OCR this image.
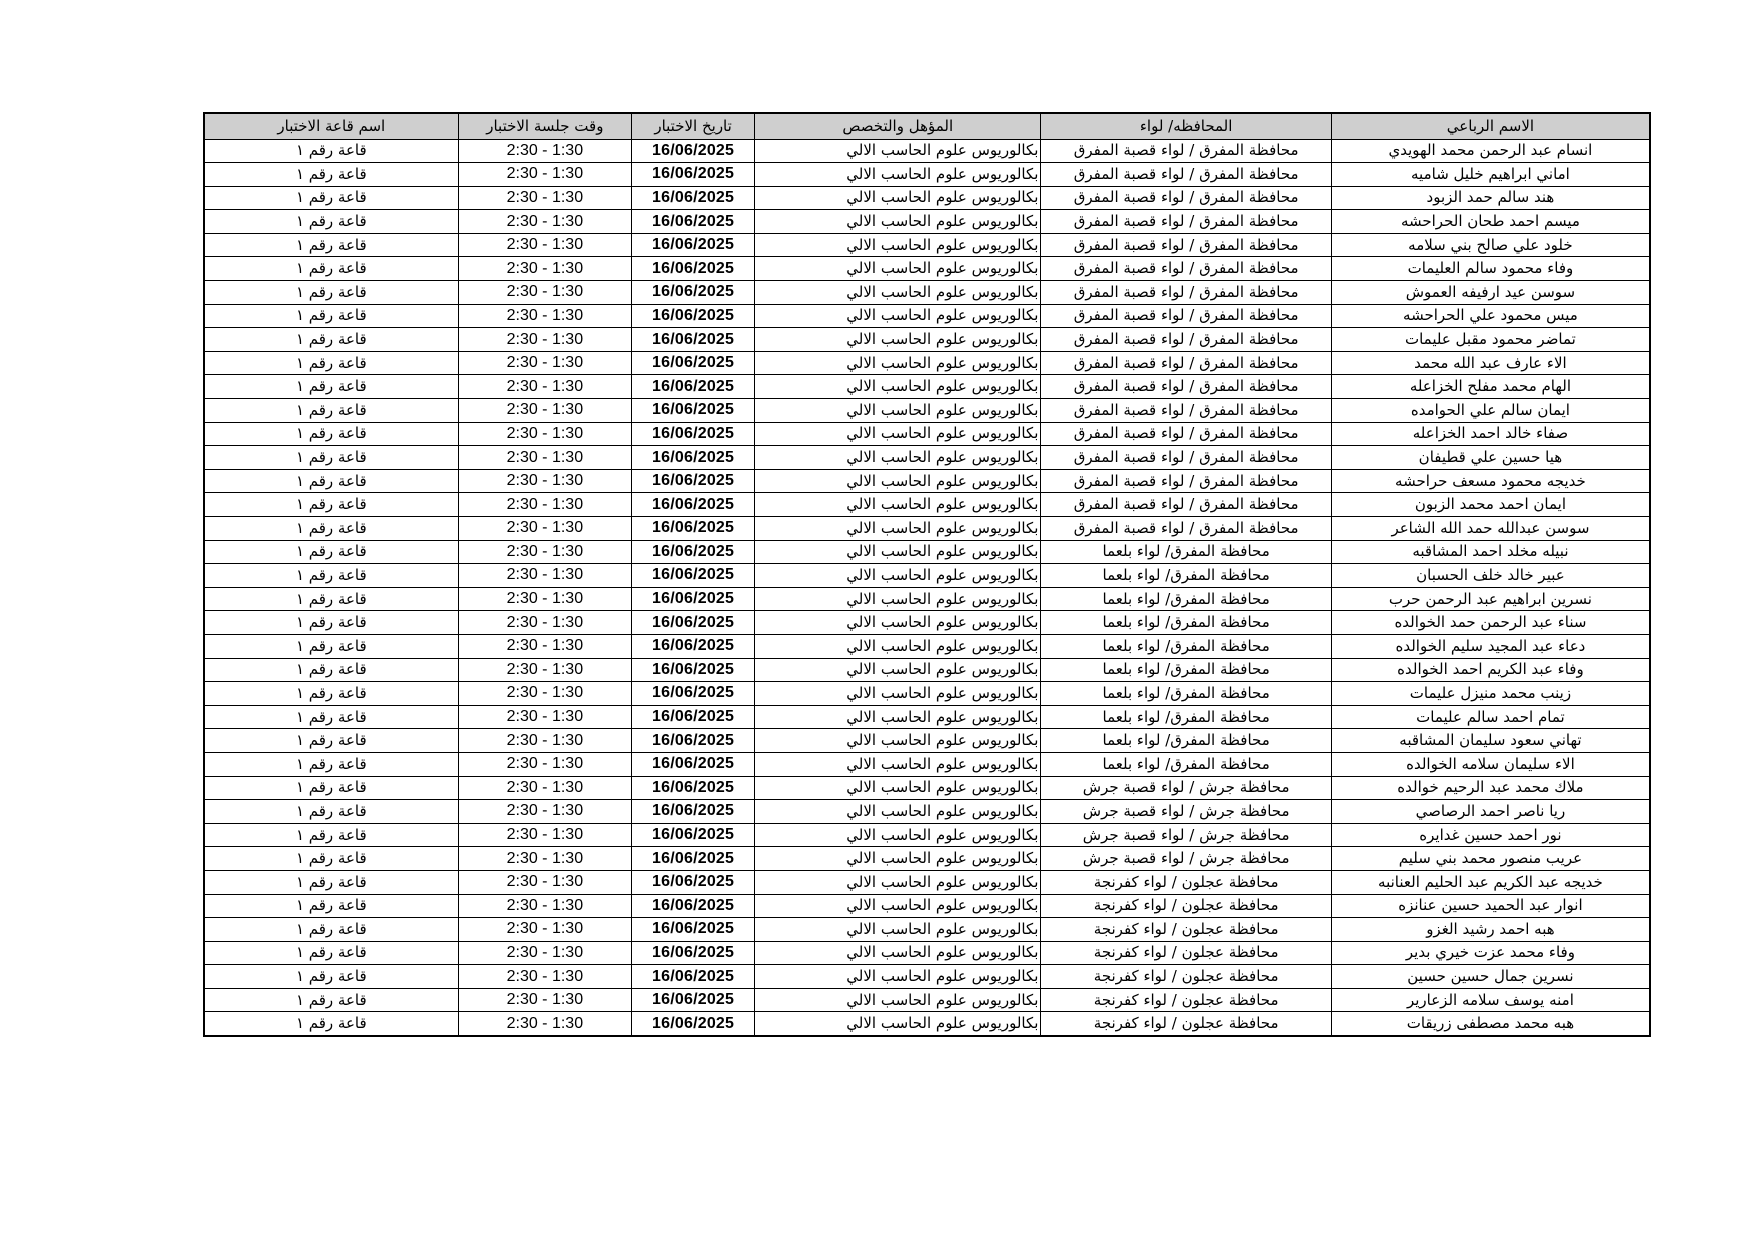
الاسم الرباعي	المحافظه/ لواء	المؤهل والتخصص	تاريخ الاختبار	وقت جلسة الاختبار	اسم قاعة الاختبار
انسام عبد الرحمن محمد الهويدي	محافظة المفرق / لواء قصبة المفرق	بكالوريوس علوم الحاسب الالي	16/06/2025	2:30 - 1:30	قاعة رقم ١
اماني ابراهيم خليل شاميه	محافظة المفرق / لواء قصبة المفرق	بكالوريوس علوم الحاسب الالي	16/06/2025	2:30 - 1:30	قاعة رقم ١
هند سالم حمد الزبود	محافظة المفرق / لواء قصبة المفرق	بكالوريوس علوم الحاسب الالي	16/06/2025	2:30 - 1:30	قاعة رقم ١
ميسم احمد طحان الحراحشه	محافظة المفرق / لواء قصبة المفرق	بكالوريوس علوم الحاسب الالي	16/06/2025	2:30 - 1:30	قاعة رقم ١
خلود علي صالح بني سلامه	محافظة المفرق / لواء قصبة المفرق	بكالوريوس علوم الحاسب الالي	16/06/2025	2:30 - 1:30	قاعة رقم ١
وفاء محمود سالم العليمات	محافظة المفرق / لواء قصبة المفرق	بكالوريوس علوم الحاسب الالي	16/06/2025	2:30 - 1:30	قاعة رقم ١
سوسن عيد ارفيفه العموش	محافظة المفرق / لواء قصبة المفرق	بكالوريوس علوم الحاسب الالي	16/06/2025	2:30 - 1:30	قاعة رقم ١
ميس محمود علي الحراحشه	محافظة المفرق / لواء قصبة المفرق	بكالوريوس علوم الحاسب الالي	16/06/2025	2:30 - 1:30	قاعة رقم ١
تماضر محمود مقبل عليمات	محافظة المفرق / لواء قصبة المفرق	بكالوريوس علوم الحاسب الالي	16/06/2025	2:30 - 1:30	قاعة رقم ١
الاء عارف عبد الله محمد	محافظة المفرق / لواء قصبة المفرق	بكالوريوس علوم الحاسب الالي	16/06/2025	2:30 - 1:30	قاعة رقم ١
الهام محمد مفلح الخزاعله	محافظة المفرق / لواء قصبة المفرق	بكالوريوس علوم الحاسب الالي	16/06/2025	2:30 - 1:30	قاعة رقم ١
ايمان سالم علي الحوامده	محافظة المفرق / لواء قصبة المفرق	بكالوريوس علوم الحاسب الالي	16/06/2025	2:30 - 1:30	قاعة رقم ١
صفاء خالد احمد الخزاعله	محافظة المفرق / لواء قصبة المفرق	بكالوريوس علوم الحاسب الالي	16/06/2025	2:30 - 1:30	قاعة رقم ١
هيا حسين علي قطيفان	محافظة المفرق / لواء قصبة المفرق	بكالوريوس علوم الحاسب الالي	16/06/2025	2:30 - 1:30	قاعة رقم ١
خديجه محمود مسعف حراحشه	محافظة المفرق / لواء قصبة المفرق	بكالوريوس علوم الحاسب الالي	16/06/2025	2:30 - 1:30	قاعة رقم ١
ايمان احمد محمد الزبون	محافظة المفرق / لواء قصبة المفرق	بكالوريوس علوم الحاسب الالي	16/06/2025	2:30 - 1:30	قاعة رقم ١
سوسن عبدالله حمد الله الشاعر	محافظة المفرق / لواء قصبة المفرق	بكالوريوس علوم الحاسب الالي	16/06/2025	2:30 - 1:30	قاعة رقم ١
نبيله مخلد احمد المشاقبه	محافظة المفرق/ لواء بلعما	بكالوريوس علوم الحاسب الالي	16/06/2025	2:30 - 1:30	قاعة رقم ١
عبير خالد خلف الحسبان	محافظة المفرق/ لواء بلعما	بكالوريوس علوم الحاسب الالي	16/06/2025	2:30 - 1:30	قاعة رقم ١
نسرين ابراهيم عبد الرحمن حرب	محافظة المفرق/ لواء بلعما	بكالوريوس علوم الحاسب الالي	16/06/2025	2:30 - 1:30	قاعة رقم ١
سناء عبد الرحمن حمد الخوالده	محافظة المفرق/ لواء بلعما	بكالوريوس علوم الحاسب الالي	16/06/2025	2:30 - 1:30	قاعة رقم ١
دعاء عبد المجيد سليم الخوالده	محافظة المفرق/ لواء بلعما	بكالوريوس علوم الحاسب الالي	16/06/2025	2:30 - 1:30	قاعة رقم ١
وفاء عبد الكريم احمد الخوالده	محافظة المفرق/ لواء بلعما	بكالوريوس علوم الحاسب الالي	16/06/2025	2:30 - 1:30	قاعة رقم ١
زينب محمد منيزل عليمات	محافظة المفرق/ لواء بلعما	بكالوريوس علوم الحاسب الالي	16/06/2025	2:30 - 1:30	قاعة رقم ١
تمام احمد سالم عليمات	محافظة المفرق/ لواء بلعما	بكالوريوس علوم الحاسب الالي	16/06/2025	2:30 - 1:30	قاعة رقم ١
تهاني سعود سليمان المشاقبه	محافظة المفرق/ لواء بلعما	بكالوريوس علوم الحاسب الالي	16/06/2025	2:30 - 1:30	قاعة رقم ١
الاء سليمان سلامه الخوالده	محافظة المفرق/ لواء بلعما	بكالوريوس علوم الحاسب الالي	16/06/2025	2:30 - 1:30	قاعة رقم ١
ملاك محمد عبد الرحيم خوالده	محافظة جرش / لواء قصبة جرش	بكالوريوس علوم الحاسب الالي	16/06/2025	2:30 - 1:30	قاعة رقم ١
ريا ناصر احمد الرصاصي	محافظة جرش / لواء قصبة جرش	بكالوريوس علوم الحاسب الالي	16/06/2025	2:30 - 1:30	قاعة رقم ١
نور احمد حسين غدايره	محافظة جرش / لواء قصبة جرش	بكالوريوس علوم الحاسب الالي	16/06/2025	2:30 - 1:30	قاعة رقم ١
عريب منصور محمد بني سليم	محافظة جرش / لواء قصبة جرش	بكالوريوس علوم الحاسب الالي	16/06/2025	2:30 - 1:30	قاعة رقم ١
خديجه عبد الكريم عبد الحليم العنانبه	محافظة عجلون / لواء كفرنجة	بكالوريوس علوم الحاسب الالي	16/06/2025	2:30 - 1:30	قاعة رقم ١
انوار عبد الحميد حسين عنانزه	محافظة عجلون / لواء كفرنجة	بكالوريوس علوم الحاسب الالي	16/06/2025	2:30 - 1:30	قاعة رقم ١
هبه احمد رشيد الغزو	محافظة عجلون / لواء كفرنجة	بكالوريوس علوم الحاسب الالي	16/06/2025	2:30 - 1:30	قاعة رقم ١
وفاء محمد عزت خيري بدير	محافظة عجلون / لواء كفرنجة	بكالوريوس علوم الحاسب الالي	16/06/2025	2:30 - 1:30	قاعة رقم ١
نسرين جمال حسين حسين	محافظة عجلون / لواء كفرنجة	بكالوريوس علوم الحاسب الالي	16/06/2025	2:30 - 1:30	قاعة رقم ١
امنه يوسف سلامه الزعارير	محافظة عجلون / لواء كفرنجة	بكالوريوس علوم الحاسب الالي	16/06/2025	2:30 - 1:30	قاعة رقم ١
هبه محمد مصطفى زريقات	محافظة عجلون / لواء كفرنجة	بكالوريوس علوم الحاسب الالي	16/06/2025	2:30 - 1:30	قاعة رقم ١
